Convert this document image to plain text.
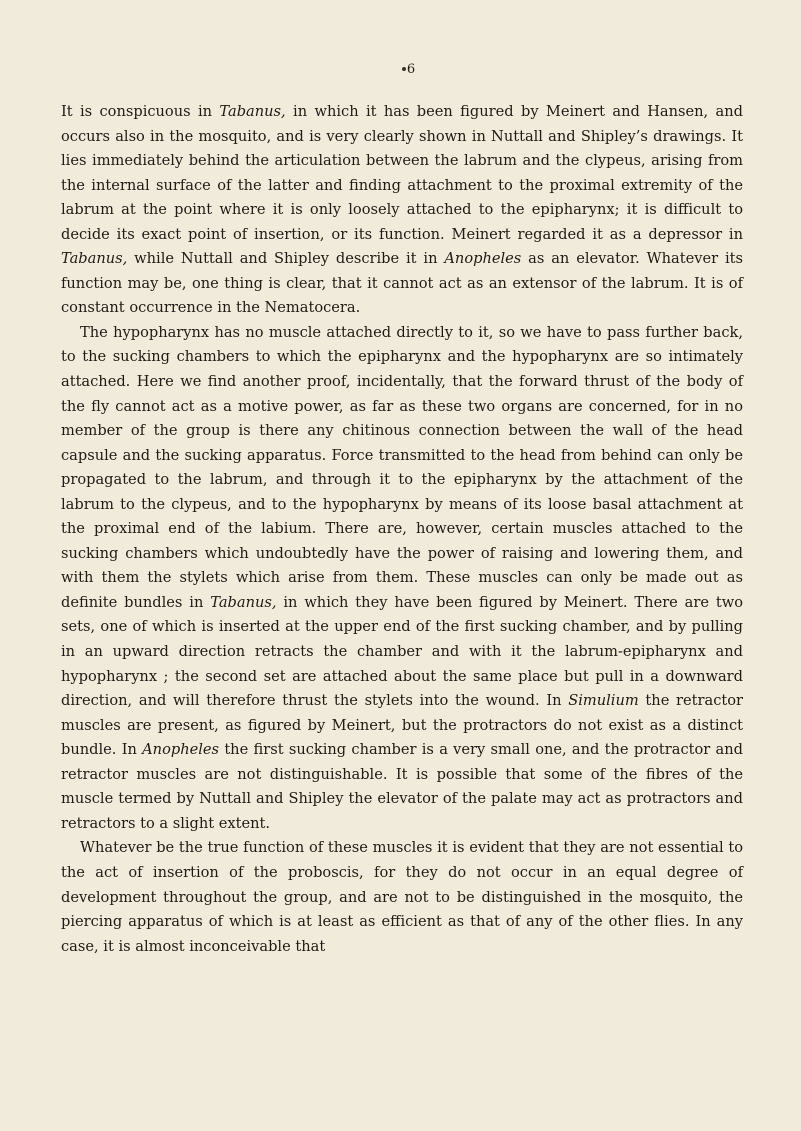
6

It is conspicuous in Tabanus, in which it has been figured by Meinert and Hansen, and occurs also in the mosquito, and is very clearly shown in Nuttall and Shipley’s drawings. It lies immediately behind the articulation between the labrum and the clypeus, arising from the internal surface of the latter and finding attachment to the proximal extremity of the labrum at the point where it is only loosely attached to the epipharynx; it is difficult to decide its exact point of insertion, or its function. Meinert regarded it as a depressor in Tabanus, while Nuttall and Shipley describe it in Anopheles as an elevator. Whatever its function may be, one thing is clear, that it cannot act as an extensor of the labrum. It is of constant occurrence in the Nematocera.

The hypopharynx has no muscle attached directly to it, so we have to pass further back, to the sucking chambers to which the epipharynx and the hypopharynx are so intimately attached. Here we find another proof, incidentally, that the forward thrust of the body of the fly cannot act as a motive power, as far as these two organs are concerned, for in no member of the group is there any chitinous connection between the wall of the head capsule and the sucking apparatus. Force transmitted to the head from behind can only be propagated to the labrum, and through it to the epipharynx by the attachment of the labrum to the clypeus, and to the hypopharynx by means of its loose basal attachment at the proximal end of the labium. There are, however, certain muscles attached to the sucking chambers which undoubtedly have the power of raising and lowering them, and with them the stylets which arise from them. These muscles can only be made out as definite bundles in Tabanus, in which they have been figured by Meinert. There are two sets, one of which is inserted at the upper end of the first sucking chamber, and by pulling in an upward direction retracts the chamber and with it the labrum-epipharynx and hypopharynx ; the second set are attached about the same place but pull in a downward direction, and will therefore thrust the stylets into the wound. In Simulium the retractor muscles are present, as figured by Meinert, but the protractors do not exist as a distinct bundle. In Anopheles the first sucking chamber is a very small one, and the protractor and retractor muscles are not distinguishable. It is possible that some of the fibres of the muscle termed by Nuttall and Shipley the elevator of the palate may act as protractors and retractors to a slight extent.

Whatever be the true function of these muscles it is evident that they are not essential to the act of insertion of the proboscis, for they do not occur in an equal degree of development throughout the group, and are not to be distinguished in the mosquito, the piercing apparatus of which is at least as efficient as that of any of the other flies. In any case, it is almost inconceivable that
